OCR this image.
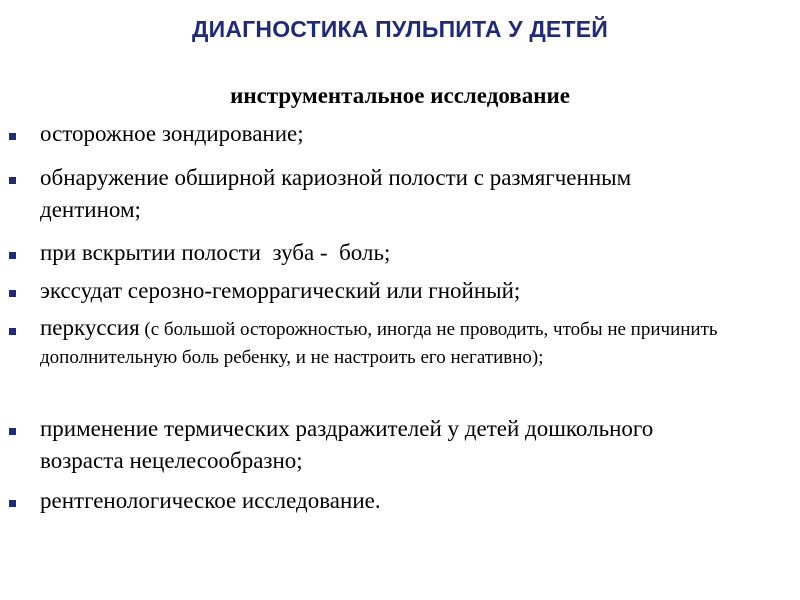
ДИАГНОСТИКА ПУЛЬПИТА У ДЕТЕЙ
инструментальное исследование
осторожное зондирование;
обнаружение обширной кариозной полости с размягченным дентином;
при вскрытии полости  зуба -  боль;
экссудат серозно-геморрагический или гнойный;
перкуссия (с большой осторожностью, иногда не проводить, чтобы не причинить дополнительную боль ребенку, и не настроить его негативно);
применение термических раздражителей у детей дошкольного возраста нецелесообразно;
рентгенологическое исследование.
